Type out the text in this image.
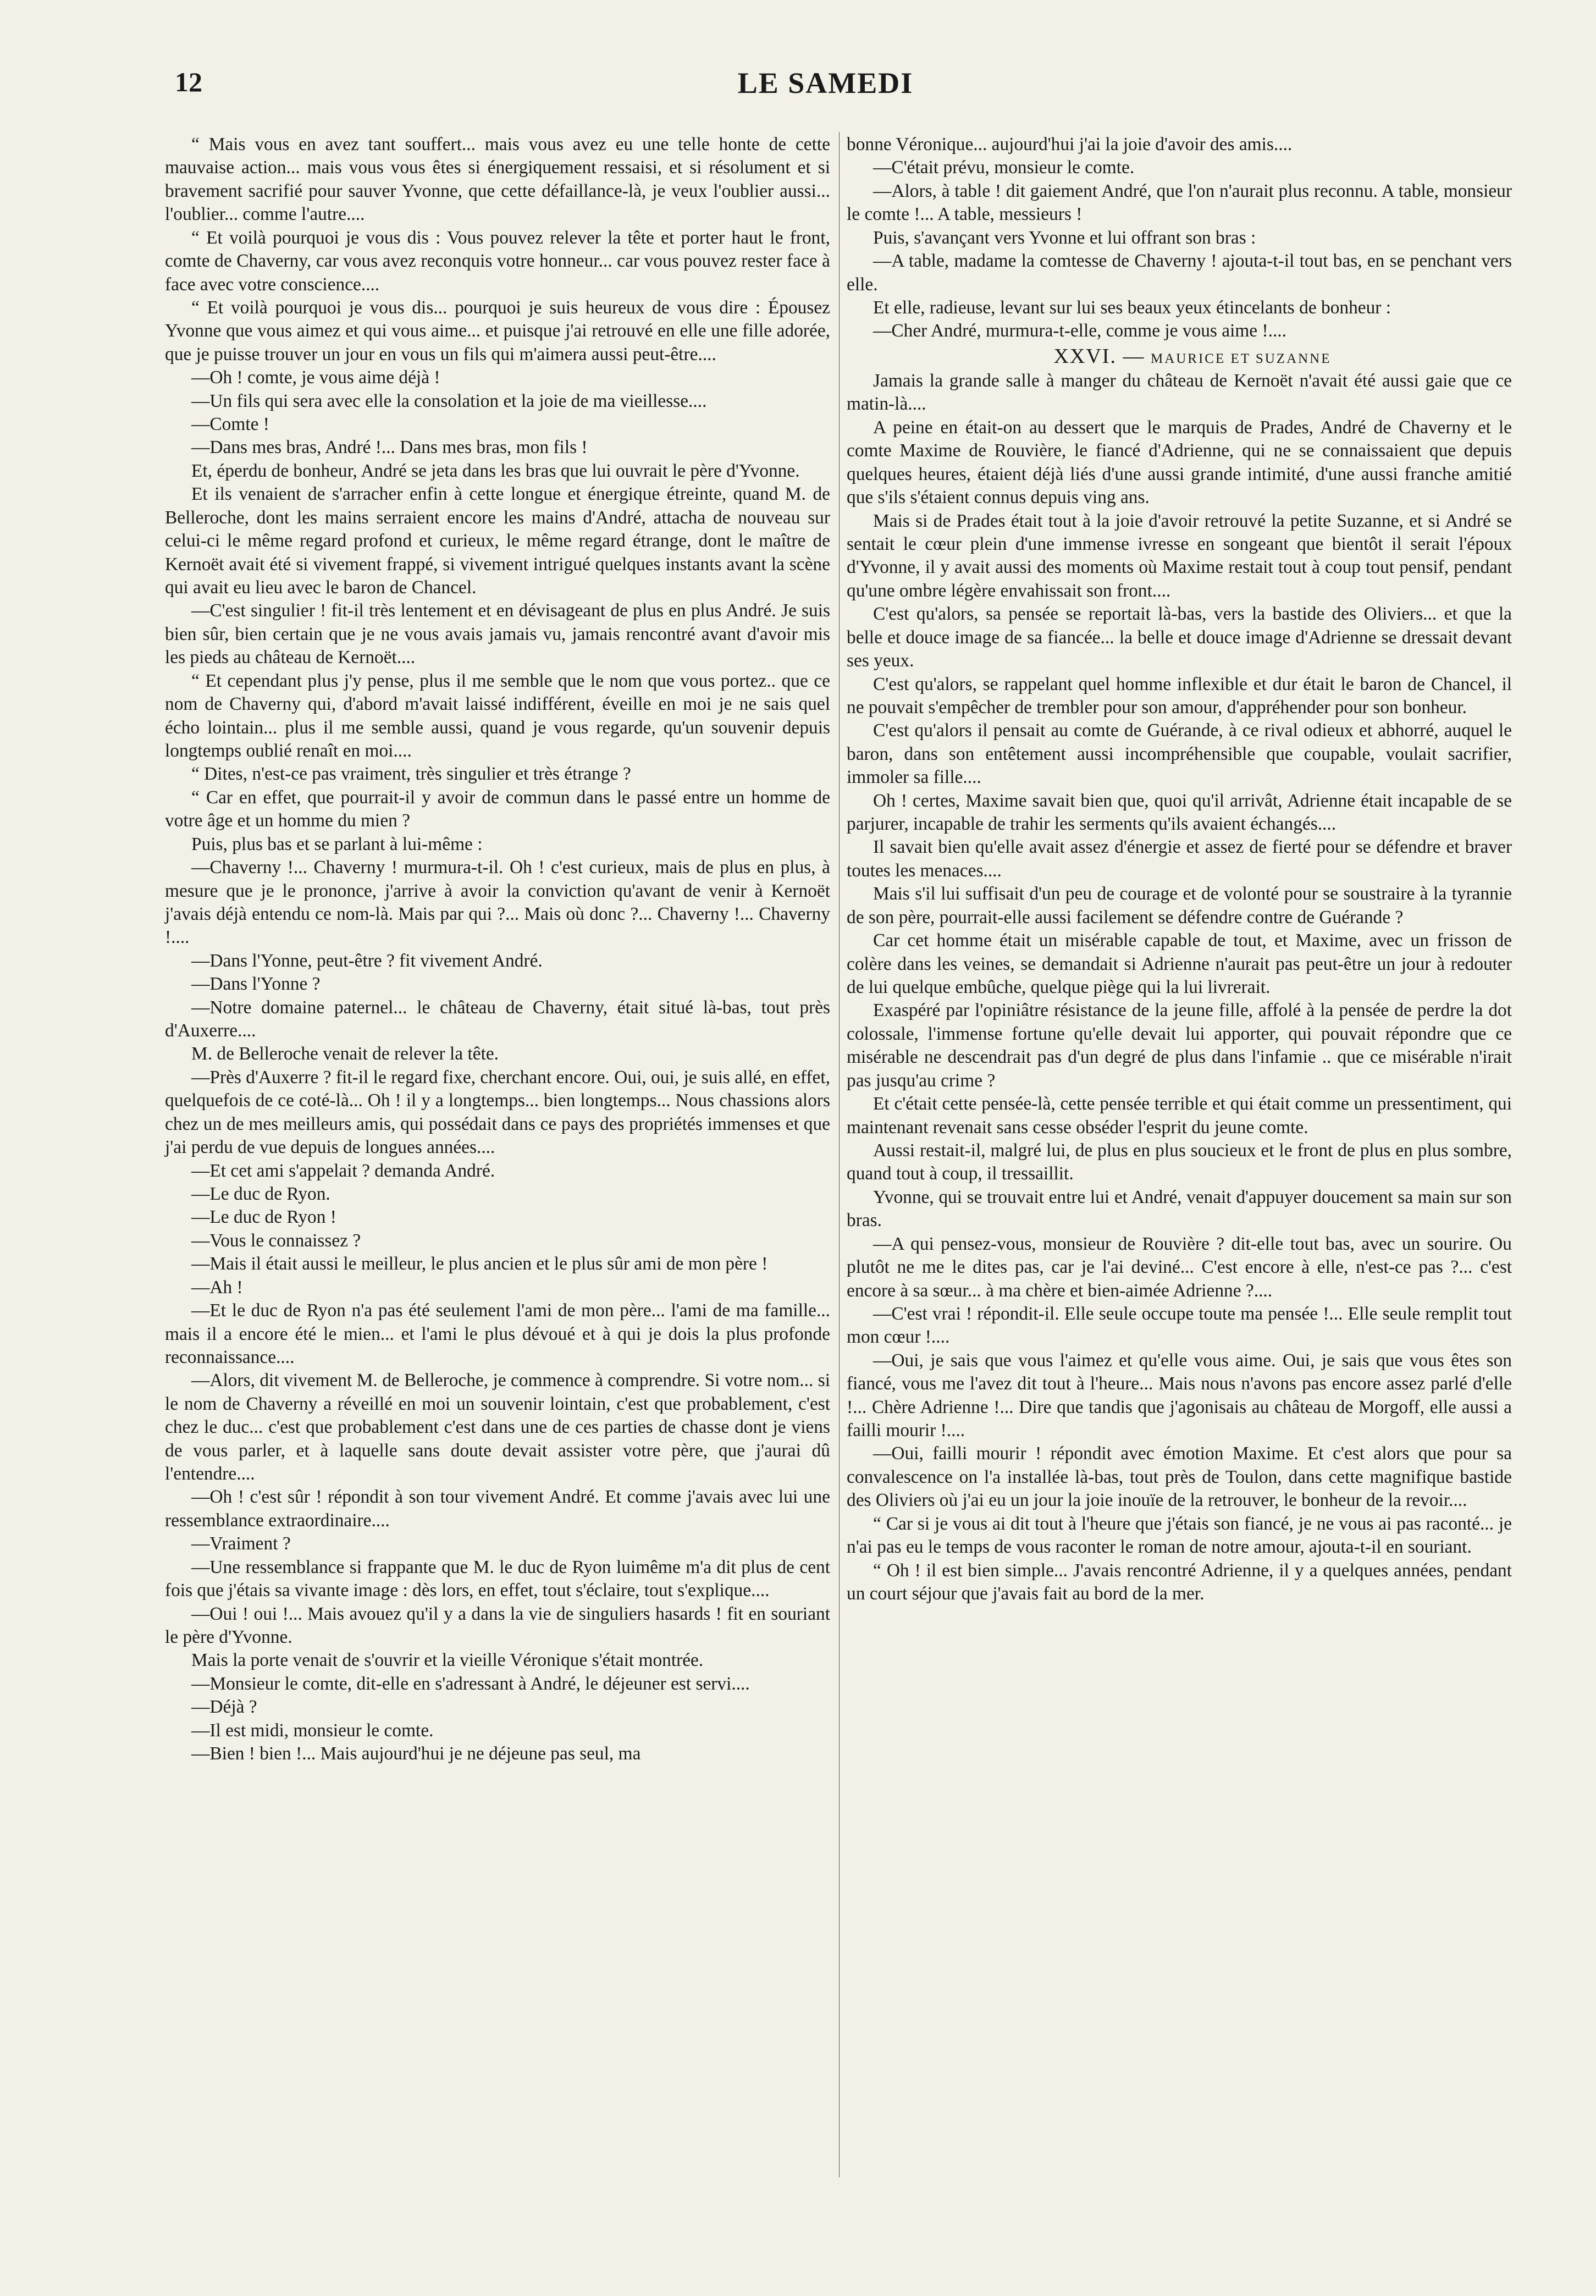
12	LE SAMEDI

“ Mais vous en avez tant souffert... mais vous avez eu une telle honte de cette mauvaise action... mais vous vous êtes si énergiquement ressaisi, et si résolument et si bravement sacrifié pour sauver Yvonne, que cette défaillance-là, je veux l'oublier aussi... l'oublier... comme l'autre....

“ Et voilà pourquoi je vous dis : Vous pouvez relever la tête et porter haut le front, comte de Chaverny, car vous avez reconquis votre honneur... car vous pouvez rester face à face avec votre conscience....

“ Et voilà pourquoi je vous dis... pourquoi je suis heureux de vous dire : Épousez Yvonne que vous aimez et qui vous aime... et puisque j'ai retrouvé en elle une fille adorée, que je puisse trouver un jour en vous un fils qui m'aimera aussi peut-être....

—Oh ! comte, je vous aime déjà !

—Un fils qui sera avec elle la consolation et la joie de ma vieillesse....

—Comte !

—Dans mes bras, André !... Dans mes bras, mon fils !

Et, éperdu de bonheur, André se jeta dans les bras que lui ouvrait le père d'Yvonne.

Et ils venaient de s'arracher enfin à cette longue et énergique étreinte, quand M. de Belleroche, dont les mains serraient encore les mains d'André, attacha de nouveau sur celui-ci le même regard profond et curieux, le même regard étrange, dont le maître de Kernoët avait été si vivement frappé, si vivement intrigué quelques instants avant la scène qui avait eu lieu avec le baron de Chancel.

—C'est singulier ! fit-il très lentement et en dévisageant de plus en plus André. Je suis bien sûr, bien certain que je ne vous avais jamais vu, jamais rencontré avant d'avoir mis les pieds au château de Kernoët....

“ Et cependant plus j'y pense, plus il me semble que le nom que vous portez.. que ce nom de Chaverny qui, d'abord m'avait laissé indifférent, éveille en moi je ne sais quel écho lointain... plus il me semble aussi, quand je vous regarde, qu'un souvenir depuis longtemps oublié renaît en moi....

“ Dites, n'est-ce pas vraiment, très singulier et très étrange ?

“ Car en effet, que pourrait-il y avoir de commun dans le passé entre un homme de votre âge et un homme du mien ?

Puis, plus bas et se parlant à lui-même :

—Chaverny !... Chaverny ! murmura-t-il. Oh ! c'est curieux, mais de plus en plus, à mesure que je le prononce, j'arrive à avoir la conviction qu'avant de venir à Kernoët j'avais déjà entendu ce nom-là. Mais par qui ?... Mais où donc ?... Chaverny !... Chaverny !....

—Dans l'Yonne, peut-être ? fit vivement André.

—Dans l'Yonne ?

—Notre domaine paternel... le château de Chaverny, était situé là-bas, tout près d'Auxerre....

M. de Belleroche venait de relever la tête.

—Près d'Auxerre ? fit-il le regard fixe, cherchant encore. Oui, oui, je suis allé, en effet, quelquefois de ce coté-là... Oh ! il y a longtemps... bien longtemps... Nous chassions alors chez un de mes meilleurs amis, qui possédait dans ce pays des propriétés immenses et que j'ai perdu de vue depuis de longues années....

—Et cet ami s'appelait ? demanda André.

—Le duc de Ryon.

—Le duc de Ryon !

—Vous le connaissez ?

—Mais il était aussi le meilleur, le plus ancien et le plus sûr ami de mon père !

—Ah !

—Et le duc de Ryon n'a pas été seulement l'ami de mon père... l'ami de ma famille... mais il a encore été le mien... et l'ami le plus dévoué et à qui je dois la plus profonde reconnaissance....

—Alors, dit vivement M. de Belleroche, je commence à comprendre. Si votre nom... si le nom de Chaverny a réveillé en moi un souvenir lointain, c'est que probablement, c'est chez le duc... c'est que probablement c'est dans une de ces parties de chasse dont je viens de vous parler, et à laquelle sans doute devait assister votre père, que j'aurai dû l'entendre....

—Oh ! c'est sûr ! répondit à son tour vivement André. Et comme j'avais avec lui une ressemblance extraordinaire....

—Vraiment ?

—Une ressemblance si frappante que M. le duc de Ryon luimême m'a dit plus de cent fois que j'étais sa vivante image : dès lors, en effet, tout s'éclaire, tout s'explique....

—Oui ! oui !... Mais avouez qu'il y a dans la vie de singuliers hasards ! fit en souriant le père d'Yvonne.

Mais la porte venait de s'ouvrir et la vieille Véronique s'était montrée.

—Monsieur le comte, dit-elle en s'adressant à André, le déjeuner est servi....

—Déjà ?

—Il est midi, monsieur le comte.

—Bien ! bien !... Mais aujourd'hui je ne déjeune pas seul, ma

bonne Véronique... aujourd'hui j'ai la joie d'avoir des amis....

—C'était prévu, monsieur le comte.

—Alors, à table ! dit gaiement André, que l'on n'aurait plus reconnu. A table, monsieur le comte !... A table, messieurs !

Puis, s'avançant vers Yvonne et lui offrant son bras :

—A table, madame la comtesse de Chaverny ! ajouta-t-il tout bas, en se penchant vers elle.

Et elle, radieuse, levant sur lui ses beaux yeux étincelants de bonheur :

—Cher André, murmura-t-elle, comme je vous aime !....

XXVI. — MAURICE ET SUZANNE

Jamais la grande salle à manger du château de Kernoët n'avait été aussi gaie que ce matin-là....

A peine en était-on au dessert que le marquis de Prades, André de Chaverny et le comte Maxime de Rouvière, le fiancé d'Adrienne, qui ne se connaissaient que depuis quelques heures, étaient déjà liés d'une aussi grande intimité, d'une aussi franche amitié que s'ils s'étaient connus depuis ving ans.

Mais si de Prades était tout à la joie d'avoir retrouvé la petite Suzanne, et si André se sentait le cœur plein d'une immense ivresse en songeant que bientôt il serait l'époux d'Yvonne, il y avait aussi des moments où Maxime restait tout à coup tout pensif, pendant qu'une ombre légère envahissait son front....

C'est qu'alors, sa pensée se reportait là-bas, vers la bastide des Oliviers... et que la belle et douce image de sa fiancée... la belle et douce image d'Adrienne se dressait devant ses yeux.

C'est qu'alors, se rappelant quel homme inflexible et dur était le baron de Chancel, il ne pouvait s'empêcher de trembler pour son amour, d'appréhender pour son bonheur.

C'est qu'alors il pensait au comte de Guérande, à ce rival odieux et abhorré, auquel le baron, dans son entêtement aussi incompréhensible que coupable, voulait sacrifier, immoler sa fille....

Oh ! certes, Maxime savait bien que, quoi qu'il arrivât, Adrienne était incapable de se parjurer, incapable de trahir les serments qu'ils avaient échangés....

Il savait bien qu'elle avait assez d'énergie et assez de fierté pour se défendre et braver toutes les menaces....

Mais s'il lui suffisait d'un peu de courage et de volonté pour se soustraire à la tyrannie de son père, pourrait-elle aussi facilement se défendre contre de Guérande ?

Car cet homme était un misérable capable de tout, et Maxime, avec un frisson de colère dans les veines, se demandait si Adrienne n'aurait pas peut-être un jour à redouter de lui quelque embûche, quelque piège qui la lui livrerait.

Exaspéré par l'opiniâtre résistance de la jeune fille, affolé à la pensée de perdre la dot colossale, l'immense fortune qu'elle devait lui apporter, qui pouvait répondre que ce misérable ne descendrait pas d'un degré de plus dans l'infamie .. que ce misérable n'irait pas jusqu'au crime ?

Et c'était cette pensée-là, cette pensée terrible et qui était comme un pressentiment, qui maintenant revenait sans cesse obséder l'esprit du jeune comte.

Aussi restait-il, malgré lui, de plus en plus soucieux et le front de plus en plus sombre, quand tout à coup, il tressaillit.

Yvonne, qui se trouvait entre lui et André, venait d'appuyer doucement sa main sur son bras.

—A qui pensez-vous, monsieur de Rouvière ? dit-elle tout bas, avec un sourire. Ou plutôt ne me le dites pas, car je l'ai deviné... C'est encore à elle, n'est-ce pas ?... c'est encore à sa sœur... à ma chère et bien-aimée Adrienne ?....

—C'est vrai ! répondit-il. Elle seule occupe toute ma pensée !... Elle seule remplit tout mon cœur !....

—Oui, je sais que vous l'aimez et qu'elle vous aime. Oui, je sais que vous êtes son fiancé, vous me l'avez dit tout à l'heure... Mais nous n'avons pas encore assez parlé d'elle !... Chère Adrienne !... Dire que tandis que j'agonisais au château de Morgoff, elle aussi a failli mourir !....

—Oui, failli mourir ! répondit avec émotion Maxime. Et c'est alors que pour sa convalescence on l'a installée là-bas, tout près de Toulon, dans cette magnifique bastide des Oliviers où j'ai eu un jour la joie inouïe de la retrouver, le bonheur de la revoir....

“ Car si je vous ai dit tout à l'heure que j'étais son fiancé, je ne vous ai pas raconté... je n'ai pas eu le temps de vous raconter le roman de notre amour, ajouta-t-il en souriant.

“ Oh ! il est bien simple... J'avais rencontré Adrienne, il y a quelques années, pendant un court séjour que j'avais fait au bord de la mer.
